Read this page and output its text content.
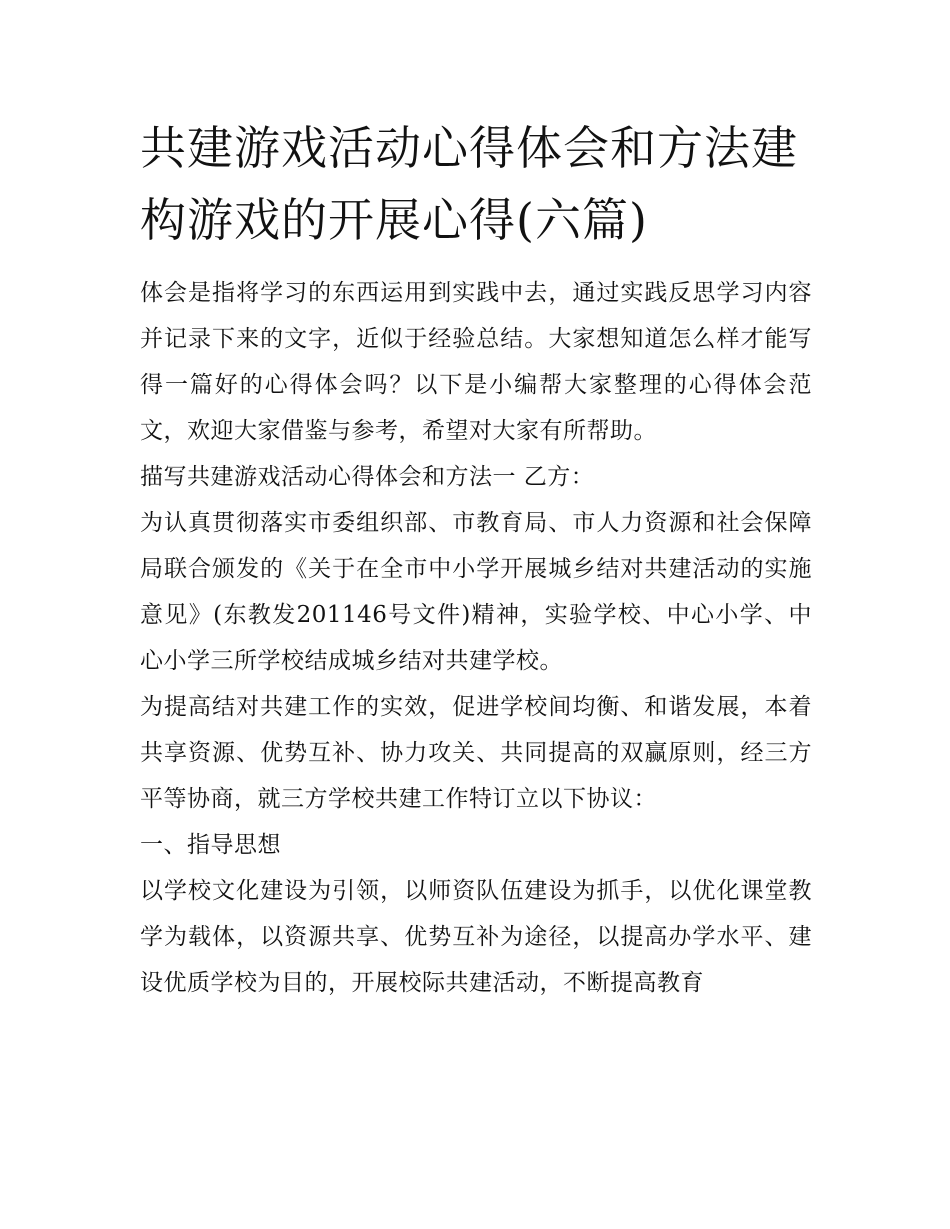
共建游戏活动心得体会和方法建构游戏的开展心得(六篇)

体会是指将学习的东西运用到实践中去，通过实践反思学习内容并记录下来的文字，近似于经验总结。大家想知道怎么样才能写得一篇好的心得体会吗？以下是小编帮大家整理的心得体会范文，欢迎大家借鉴与参考，希望对大家有所帮助。

描写共建游戏活动心得体会和方法一 乙方：

为认真贯彻落实市委组织部、市教育局、市人力资源和社会保障局联合颁发的《关于在全市中小学开展城乡结对共建活动的实施意见》(东教发201146号文件)精神，实验学校、中心小学、中心小学三所学校结成城乡结对共建学校。

为提高结对共建工作的实效，促进学校间均衡、和谐发展，本着共享资源、优势互补、协力攻关、共同提高的双赢原则，经三方平等协商，就三方学校共建工作特订立以下协议：

一、指导思想

以学校文化建设为引领，以师资队伍建设为抓手，以优化课堂教学为载体，以资源共享、优势互补为途径，以提高办学水平、建设优质学校为目的，开展校际共建活动，不断提高教育
